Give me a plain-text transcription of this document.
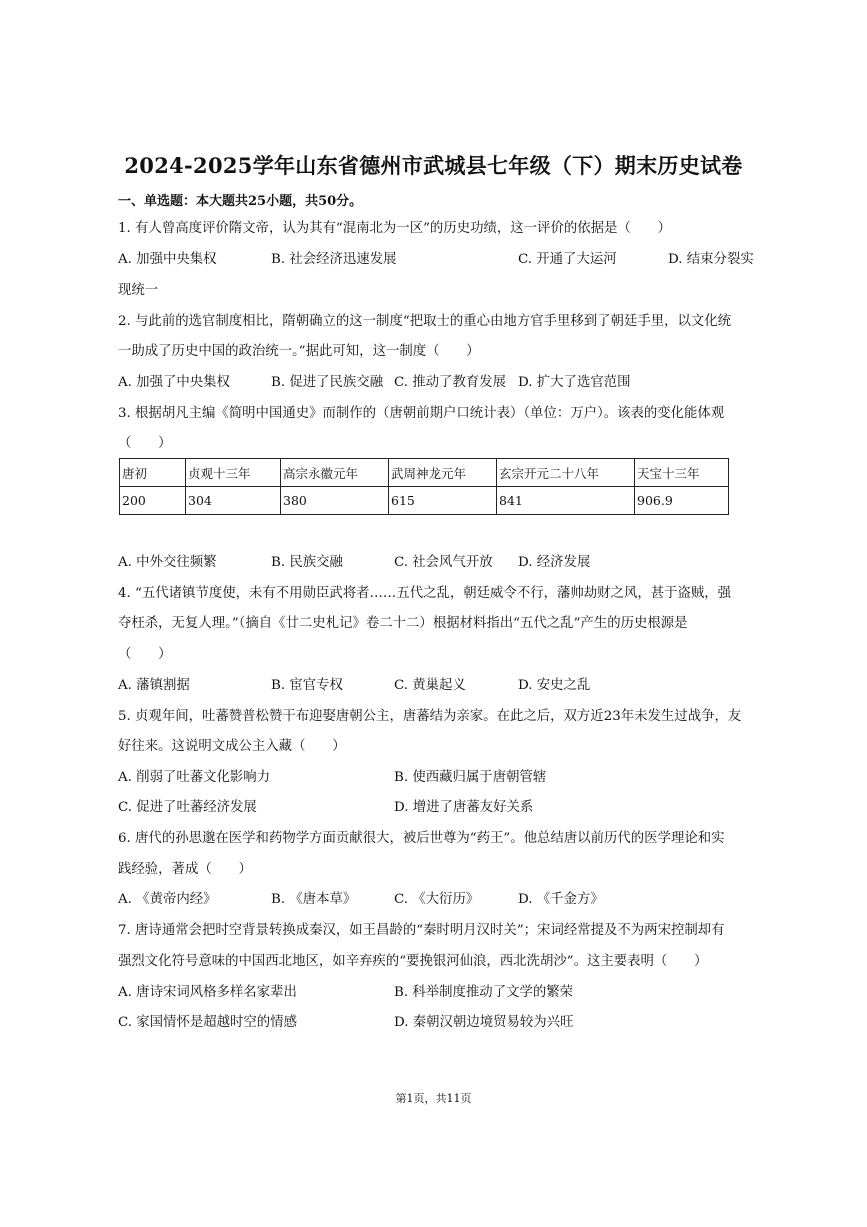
2024-2025学年山东省德州市武城县七年级（下）期末历史试卷
一、单选题：本大题共25小题，共50分。
1. 有人曾高度评价隋文帝，认为其有“混南北为一区”的历史功绩，这一评价的依据是（　　）
A. 加强中央集权	B. 社会经济迅速发展	C. 开通了大运河	D. 结束分裂实
现统一
2. 与此前的选官制度相比，隋朝确立的这一制度“把取士的重心由地方官手里移到了朝廷手里，以文化统
一助成了历史中国的政治统一。”据此可知，这一制度（　　）
A. 加强了中央集权	B. 促进了民族交融 C. 推动了教育发展 D. 扩大了选官范围
3. 根据胡凡主编《简明中国通史》而制作的（唐朝前期户口统计表）（单位：万户）。该表的变化能体观
（　　）
唐初	贞观十三年	高宗永徽元年	武周神龙元年	玄宗开元二十八年	天宝十三年
200	304	380	615	841	906.9
A. 中外交往频繁	B. 民族交融	C. 社会风气开放 D. 经济发展
4. “五代诸镇节度使，未有不用勋臣武将者……五代之乱，朝廷威令不行，藩帅劫财之风，甚于盗贼，强
夺枉杀，无复人理。”（摘自《廿二史札记》卷二十二）根据材料指出“五代之乱”产生的历史根源是
（　　）
A. 藩镇割据	B. 宦官专权	C. 黄巢起义	D. 安史之乱
5. 贞观年间，吐蕃赞普松赞干布迎娶唐朝公主，唐蕃结为亲家。在此之后，双方近23年未发生过战争，友
好往来。这说明文成公主入藏（　　）
A. 削弱了吐蕃文化影响力	B. 使西藏归属于唐朝管辖
C. 促进了吐蕃经济发展	D. 增进了唐蕃友好关系
6. 唐代的孙思邈在医学和药物学方面贡献很大，被后世尊为“药王”。他总结唐以前历代的医学理论和实
践经验，著成（　　）
A. 《黄帝内经》	B. 《唐本草》	C. 《大衍历》	D. 《千金方》
7. 唐诗通常会把时空背景转换成秦汉，如王昌龄的“秦时明月汉时关”；宋词经常提及不为两宋控制却有
强烈文化符号意味的中国西北地区，如辛弃疾的“要挽银河仙浪，西北洗胡沙”。这主要表明（　　）
A. 唐诗宋词风格多样名家辈出	B. 科举制度推动了文学的繁荣
C. 家国情怀是超越时空的情感	D. 秦朝汉朝边境贸易较为兴旺
第1页，共11页
